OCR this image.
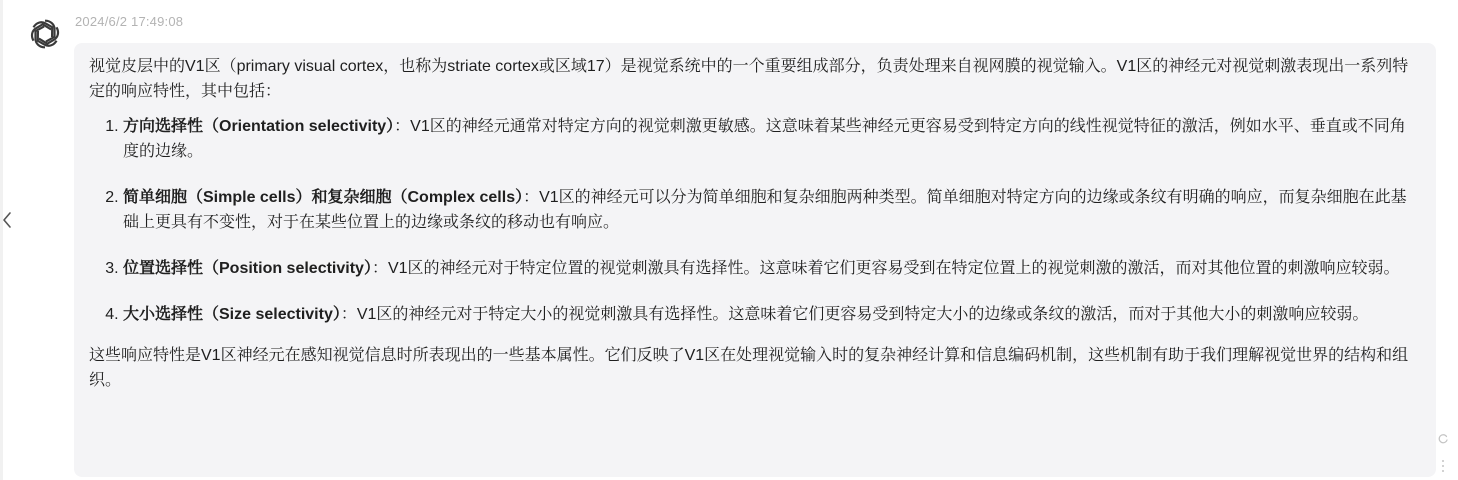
2024/6/2 17:49:08

视觉皮层中的V1区（primary visual cortex，也称为striate cortex或区域17）是视觉系统中的一个重要组成部分，负责处理来自视网膜的视觉输入。V1区的神经元对视觉刺激表现出一系列特定的响应特性，其中包括：

1. 方向选择性（Orientation selectivity）：V1区的神经元通常对特定方向的视觉刺激更敏感。这意味着某些神经元更容易受到特定方向的线性视觉特征的激活，例如水平、垂直或不同角度的边缘。
2. 简单细胞（Simple cells）和复杂细胞（Complex cells）：V1区的神经元可以分为简单细胞和复杂细胞两种类型。简单细胞对特定方向的边缘或条纹有明确的响应，而复杂细胞在此基础上更具有不变性，对于在某些位置上的边缘或条纹的移动也有响应。
3. 位置选择性（Position selectivity）：V1区的神经元对于特定位置的视觉刺激具有选择性。这意味着它们更容易受到在特定位置上的视觉刺激的激活，而对其他位置的刺激响应较弱。
4. 大小选择性（Size selectivity）：V1区的神经元对于特定大小的视觉刺激具有选择性。这意味着它们更容易受到特定大小的边缘或条纹的激活，而对于其他大小的刺激响应较弱。

这些响应特性是V1区神经元在感知视觉信息时所表现出的一些基本属性。它们反映了V1区在处理视觉输入时的复杂神经计算和信息编码机制，这些机制有助于我们理解视觉世界的结构和组织。
